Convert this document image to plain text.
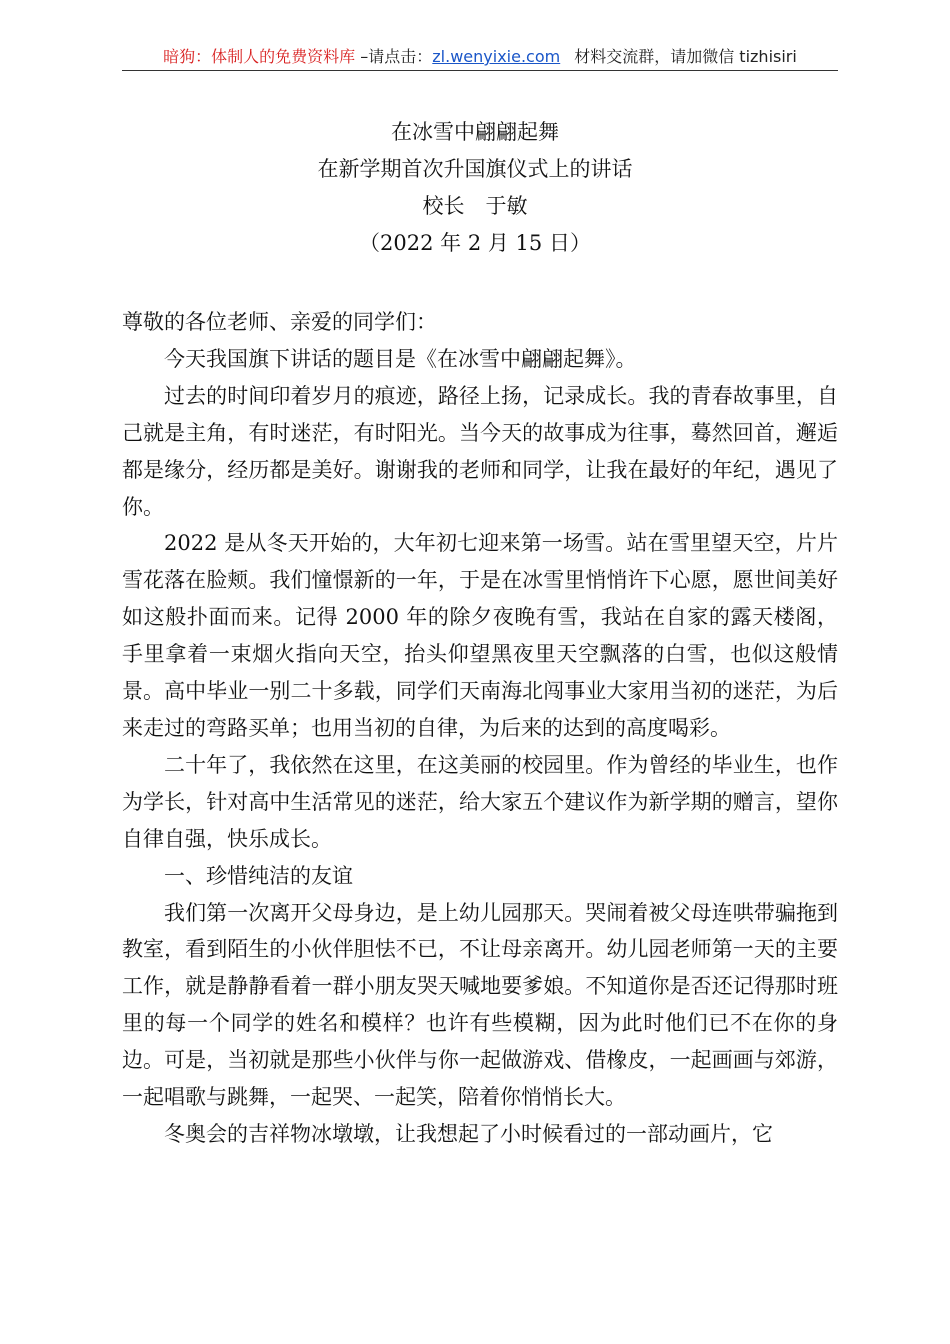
暗狗：体制人的免费资料库 –请点击：zl.wenyixie.com 材料交流群，请加微信 tizhisiri
在冰雪中翩翩起舞
在新学期首次升国旗仪式上的讲话
校长　于敏
（2022 年 2 月 15 日）

尊敬的各位老师、亲爱的同学们：

今天我国旗下讲话的题目是《在冰雪中翩翩起舞》。

过去的时间印着岁月的痕迹，路径上扬，记录成长。我的青春故事里，自己就是主角，有时迷茫，有时阳光。当今天的故事成为往事，蓦然回首，邂逅都是缘分，经历都是美好。谢谢我的老师和同学，让我在最好的年纪，遇见了你。

2022 是从冬天开始的，大年初七迎来第一场雪。站在雪里望天空，片片雪花落在脸颊。我们憧憬新的一年，于是在冰雪里悄悄许下心愿，愿世间美好如这般扑面而来。记得 2000 年的除夕夜晚有雪，我站在自家的露天楼阁，手里拿着一束烟火指向天空，抬头仰望黑夜里天空飘落的白雪，也似这般情景。高中毕业一别二十多载，同学们天南海北闯事业大家用当初的迷茫，为后来走过的弯路买单；也用当初的自律，为后来的达到的高度喝彩。

二十年了，我依然在这里，在这美丽的校园里。作为曾经的毕业生，也作为学长，针对高中生活常见的迷茫，给大家五个建议作为新学期的赠言，望你自律自强，快乐成长。

一、珍惜纯洁的友谊

我们第一次离开父母身边，是上幼儿园那天。哭闹着被父母连哄带骗拖到教室，看到陌生的小伙伴胆怯不已，不让母亲离开。幼儿园老师第一天的主要工作，就是静静看着一群小朋友哭天喊地要爹娘。不知道你是否还记得那时班里的每一个同学的姓名和模样？也许有些模糊，因为此时他们已不在你的身边。可是，当初就是那些小伙伴与你一起做游戏、借橡皮，一起画画与郊游，一起唱歌与跳舞，一起哭、一起笑，陪着你悄悄长大。

冬奥会的吉祥物冰墩墩，让我想起了小时候看过的一部动画片，它
